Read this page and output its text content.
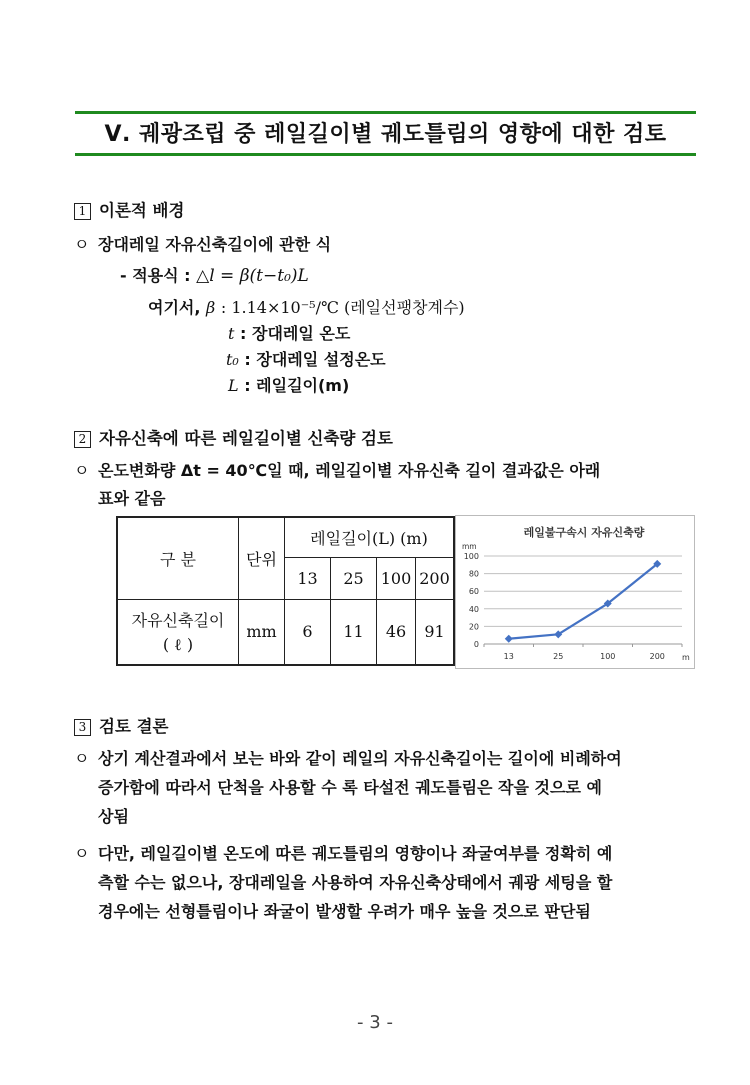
Ⅴ. 궤광조립 중 레일길이별 궤도틀림의 영향에 대한 검토
1 이론적 배경
ㅇ 장대레일 자유신축길이에 관한 식
- 적용식 : △l = β(t−t₀)L
여기서, β : 1.14×10⁻⁵/℃ (레일선팽창계수)
t : 장대레일 온도
t₀ : 장대레일 설정온도
L : 레일길이(m)
2 자유신축에 따른 레일길이별 신축량 검토
ㅇ 온도변화량 Δt = 40℃일 때, 레일길이별 자유신축 길이 결과값은 아래
표와 같음
구 분	단위	레일길이(L) (m)			
		13	25	100	200

자유신축길이
( ℓ )	mm	6	11	46	91
레일불구속시 자유신축량
mm
m
0
20
40
60
80
100
13	25	100	200
3 검토 결론
ㅇ 상기 계산결과에서 보는 바와 같이 레일의 자유신축길이는 길이에 비례하여
증가함에 따라서 단척을 사용할 수 록 타설전 궤도틀림은 작을 것으로 예
상됨
ㅇ 다만, 레일길이별 온도에 따른 궤도틀림의 영향이나 좌굴여부를 정확히 예
측할 수는 없으나, 장대레일을 사용하여 자유신축상태에서 궤광 세팅을 할
경우에는 선형틀림이나 좌굴이 발생할 우려가 매우 높을 것으로 판단됨
- 3 -
